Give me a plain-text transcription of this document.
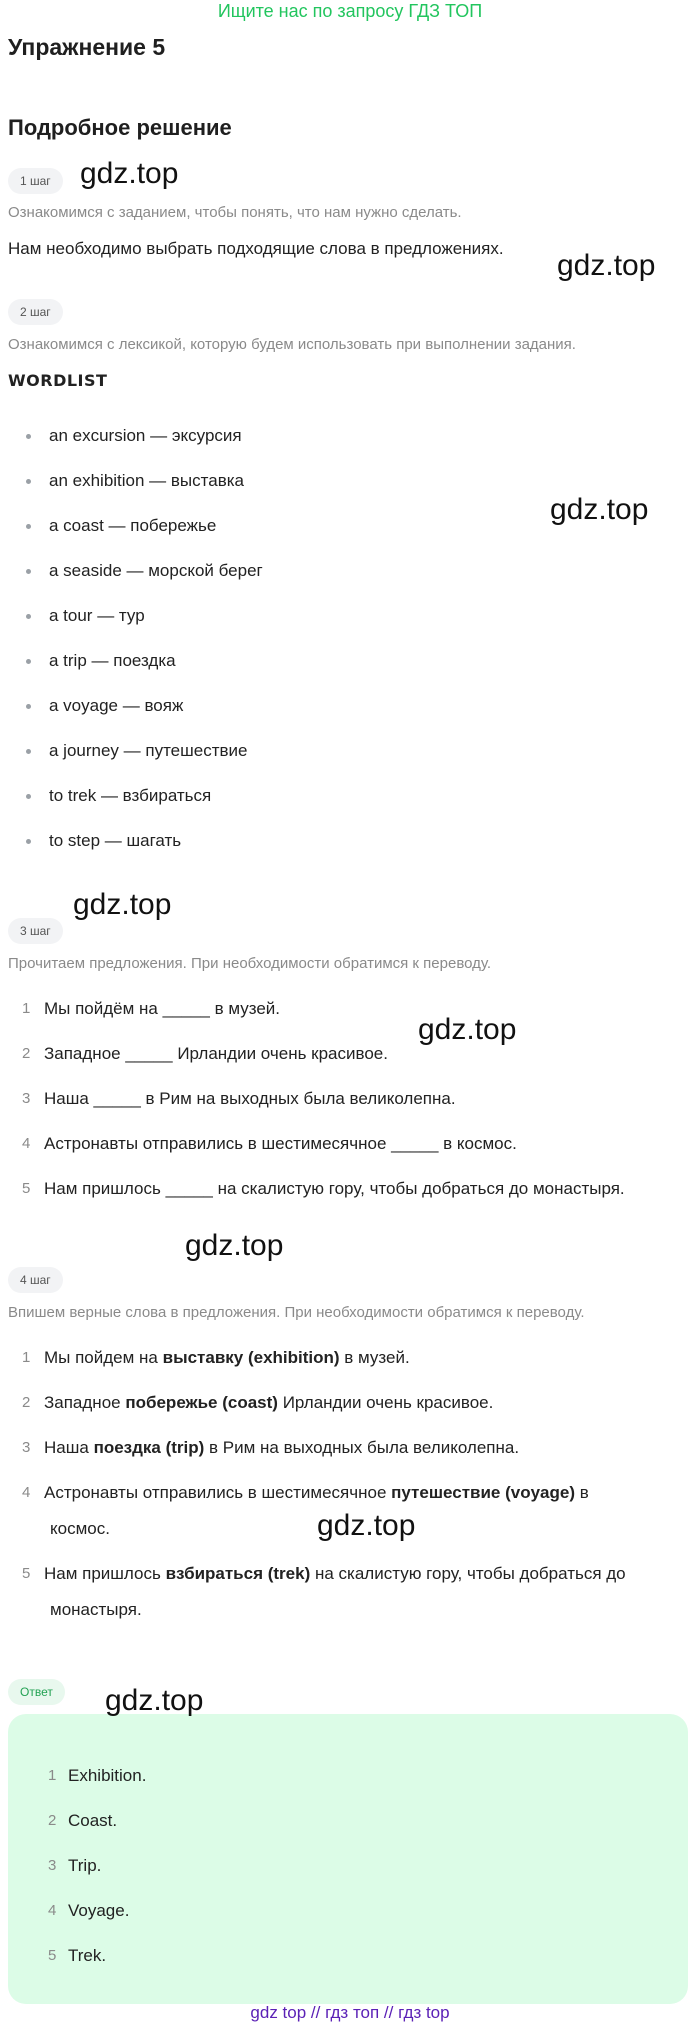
Ищите нас по запросу ГДЗ ТОП
Упражнение 5
Подробное решение
1 шаг
Ознакомимся с заданием, чтобы понять, что нам нужно сделать.
Нам необходимо выбрать подходящие слова в предложениях.
2 шаг
Ознакомимся с лексикой, которую будем использовать при выполнении задания.
WORDLIST
an excursion — эксурсия
an exhibition — выставка
a coast — побережье
a seaside — морской берег
a tour — тур
a trip — поездка
a voyage — вояж
a journey — путешествие
to trek — взбираться
to step — шагать
3 шаг
Прочитаем предложения. При необходимости обратимся к переводу.
1 Мы пойдём на _____ в музей.
2 Западное _____ Ирландии очень красивое.
3 Наша _____ в Рим на выходных была великолепна.
4 Астронавты отправились в шестимесячное _____ в космос.
5 Нам пришлось _____ на скалистую гору, чтобы добраться до монастыря.
4 шаг
Впишем верные слова в предложения. При необходимости обратимся к переводу.
1 Мы пойдем на выставку (exhibition) в музей.
2 Западное побережье (coast) Ирландии очень красивое.
3 Наша поездка (trip) в Рим на выходных была великолепна.
4 Астронавты отправились в шестимесячное путешествие (voyage) в
космос.
5 Нам пришлось взбираться (trek) на скалистую гору, чтобы добраться до
монастыря.
Ответ
1 Exhibition.
2 Coast.
3 Trip.
4 Voyage.
5 Trek.
gdz.top
gdz.top
gdz.top
gdz.top
gdz.top
gdz.top
gdz.top
gdz.top
gdz top // гдз топ // гдз top
